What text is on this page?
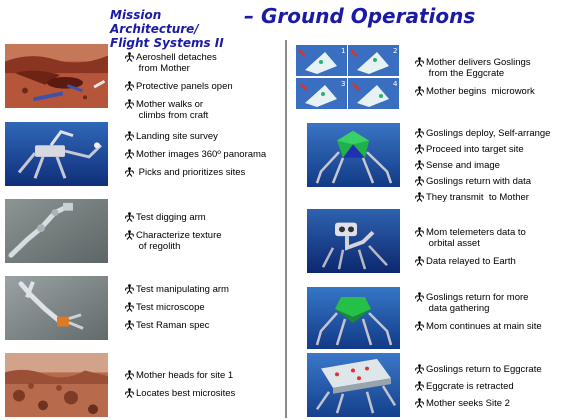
Mission Architecture/
Flight Systems II
– Ground Operations
1	2
3	4
Aeroshell detaches
from Mother
Protective panels open
Mother walks or
climbs from craft
Landing site survey
Mother images 360º panorama
Picks and prioritizes sites
Test digging arm
Characterize texture
of regolith
Test manipulating arm
Test microscope
Test Raman spec
Mother heads for site 1
Locates best microsites
Mother delivers Goslings
from the Eggcrate
Mother begins  microwork
Goslings deploy, Self-arrange
Proceed into target site
Sense and image
Goslings return with data
They transmit  to Mother
Mom telemeters data to
orbital asset
Data relayed to Earth
Goslings return for more
data gathering
Mom continues at main site
Goslings return to Eggcrate
Eggcrate is retracted
Mother seeks Site 2
